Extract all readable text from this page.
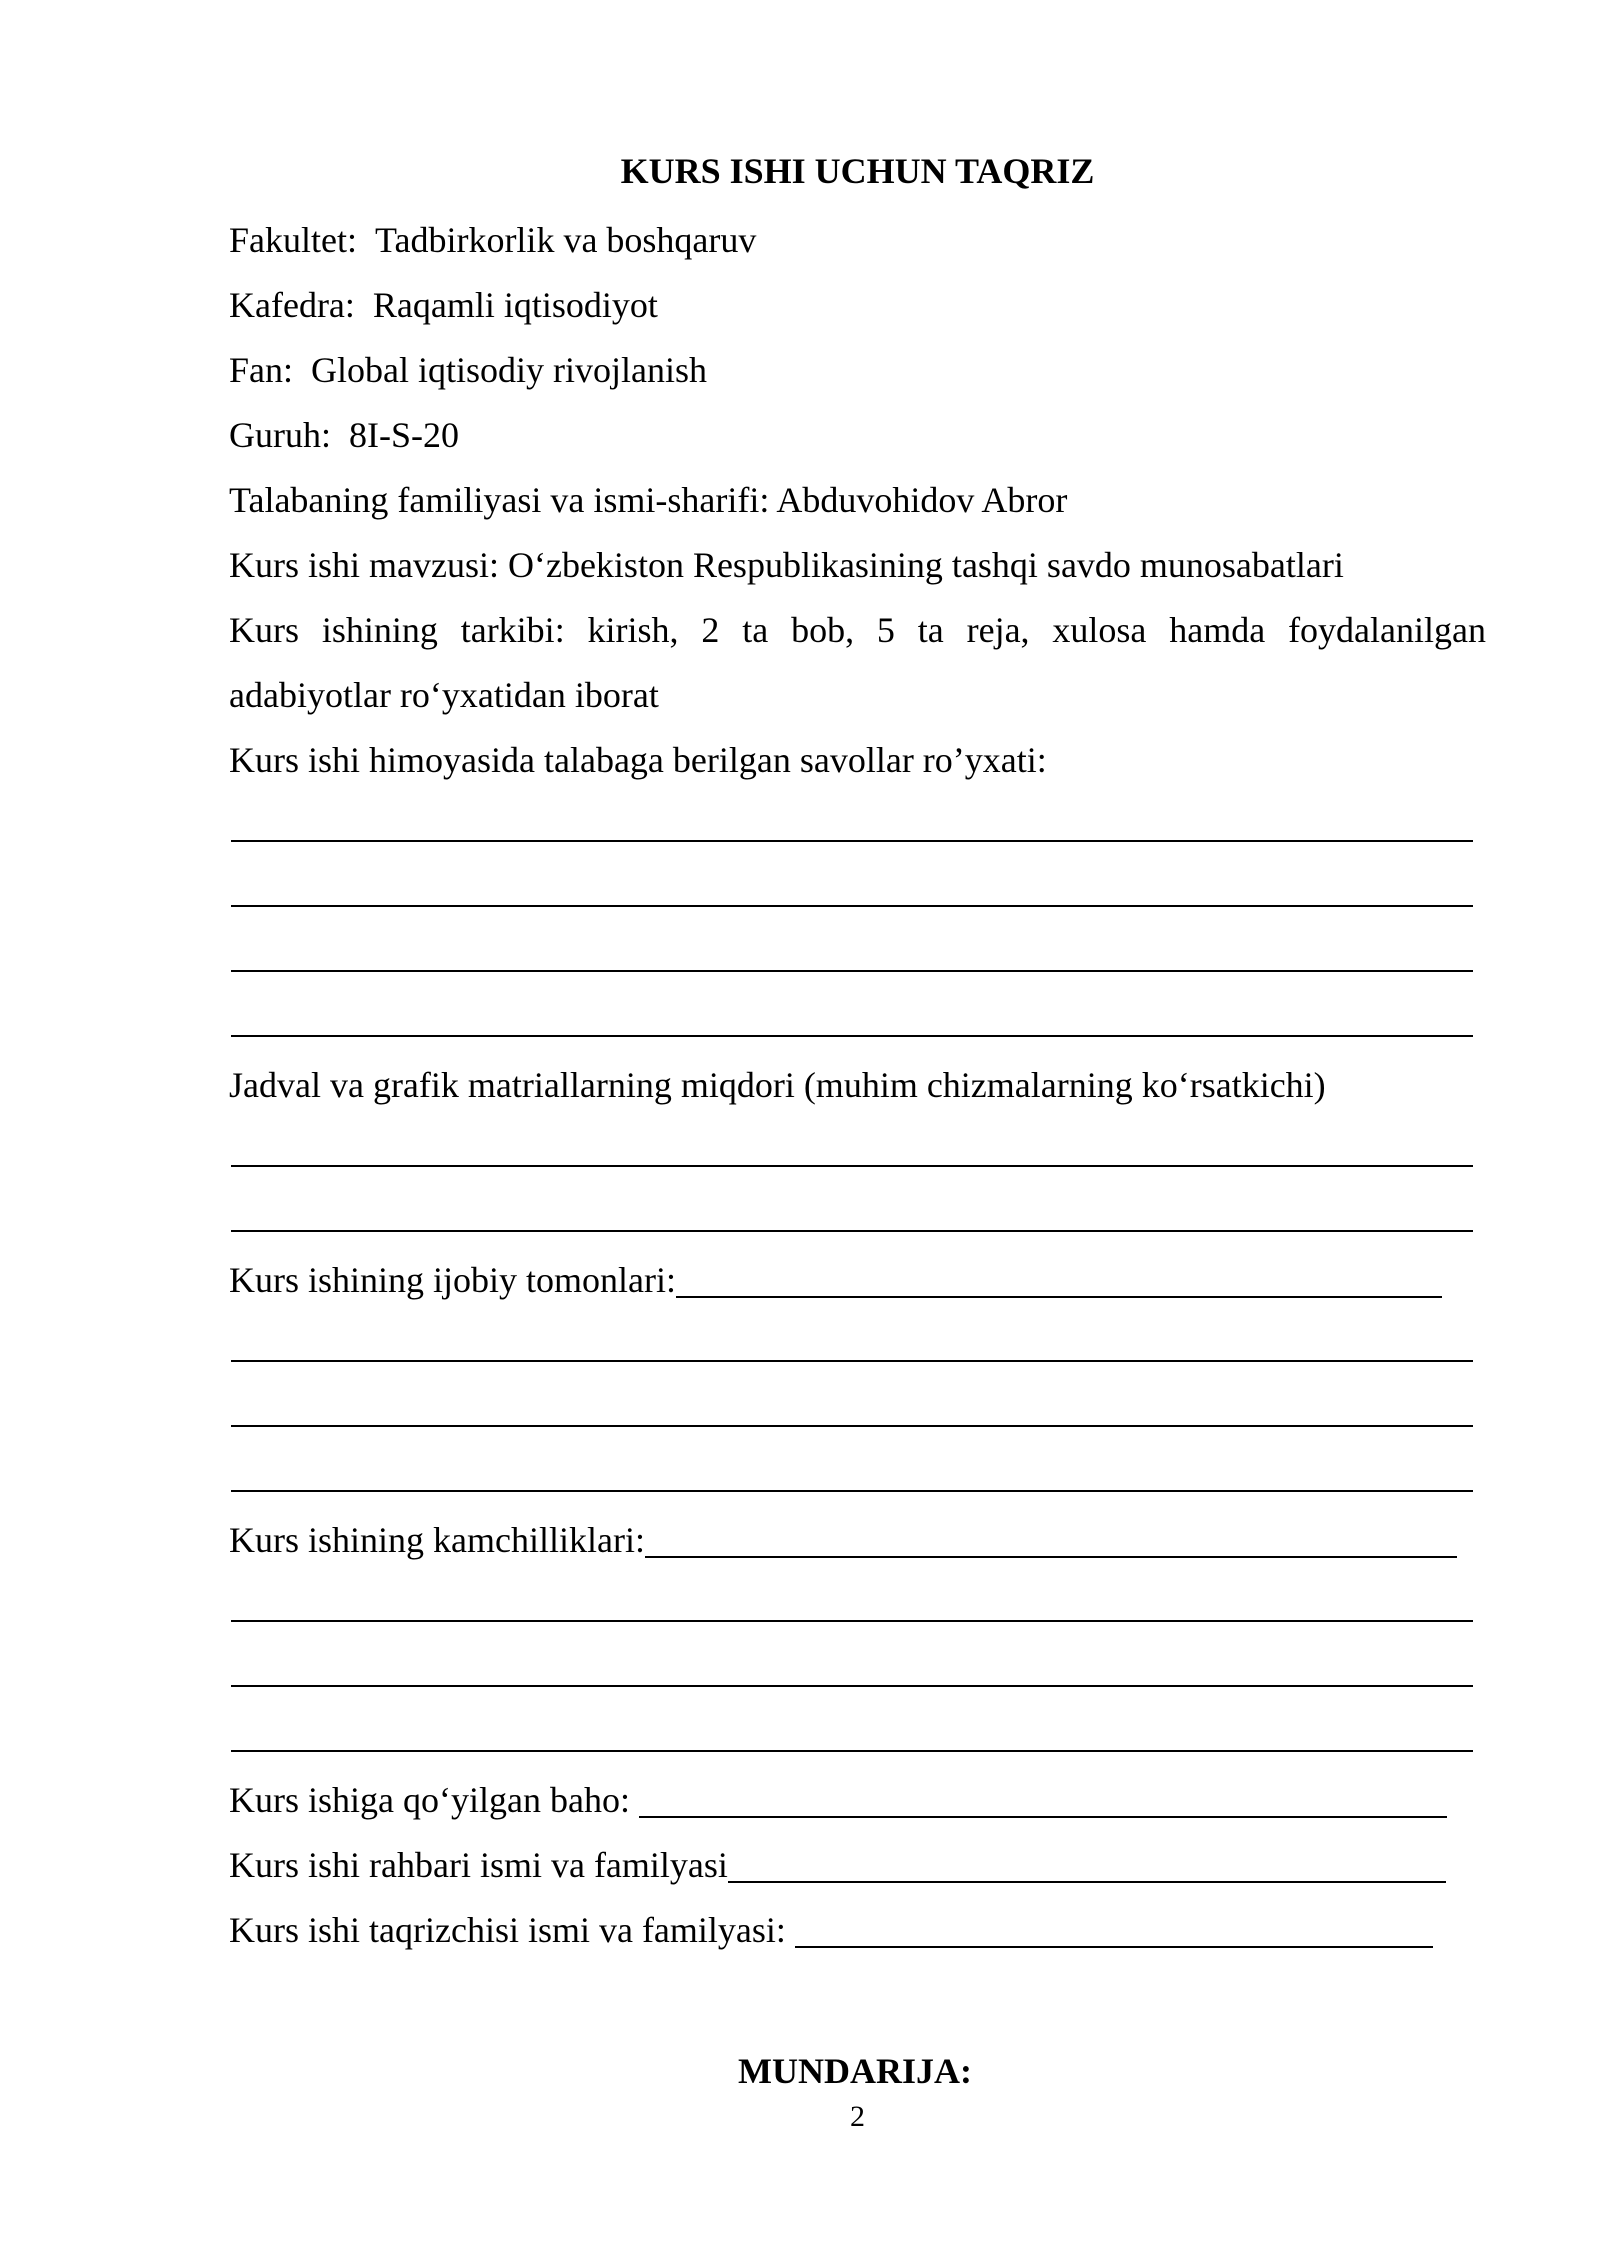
KURS ISHI UCHUN TAQRIZ
Fakultet: Tadbirkorlik va boshqaruv
Kafedra: Raqamli iqtisodiyot
Fan: Global iqtisodiy rivojlanish
Guruh: 8I-S-20
Talabaning familiyasi va ismi-sharifi: Abduvohidov Abror
Kurs ishi mavzusi: O‘zbekiston Respublikasining tashqi savdo munosabatlari
Kurs ishining tarkibi: kirish, 2 ta bob, 5 ta reja, xulosa hamda foydalanilgan
adabiyotlar ro‘yxatidan iborat
Kurs ishi himoyasida talabaga berilgan savollar ro’yxati:
Jadval va grafik matriallarning miqdori (muhim chizmalarning ko‘rsatkichi)
Kurs ishining ijobiy tomonlari:
Kurs ishining kamchilliklari:
Kurs ishiga qo‘yilgan baho:
Kurs ishi rahbari ismi va familyasi
Kurs ishi taqrizchisi ismi va familyasi:
MUNDARIJA:
2
